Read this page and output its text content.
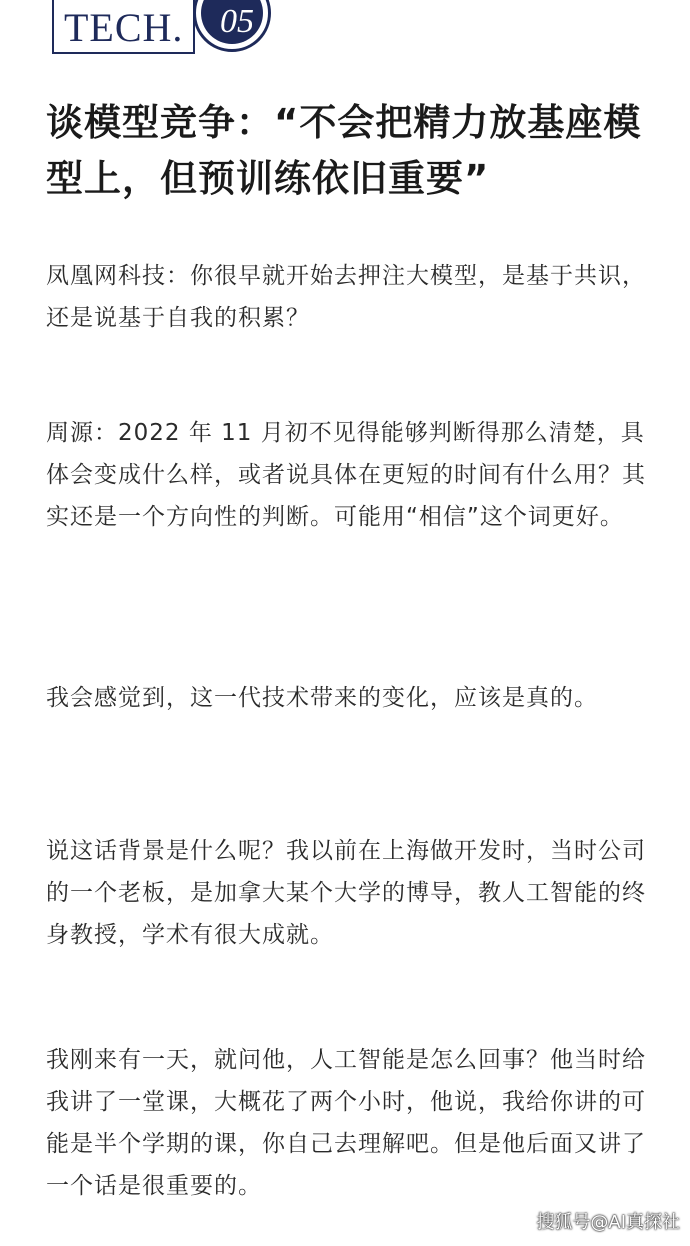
TECH.	05
谈模型竞争：“不会把精力放基座模型上，但预训练依旧重要”
凤凰网科技：你很早就开始去押注大模型，是基于共识，还是说基于自我的积累？
周源：2022 年 11 月初不见得能够判断得那么清楚，具体会变成什么样，或者说具体在更短的时间有什么用？其实还是一个方向性的判断。可能用“相信”这个词更好。
我会感觉到，这一代技术带来的变化，应该是真的。
说这话背景是什么呢？我以前在上海做开发时，当时公司的一个老板，是加拿大某个大学的博导，教人工智能的终身教授，学术有很大成就。
我刚来有一天，就问他，人工智能是怎么回事？他当时给我讲了一堂课，大概花了两个小时，他说，我给你讲的可能是半个学期的课，你自己去理解吧。但是他后面又讲了一个话是很重要的。
搜狐号@AI真探社
